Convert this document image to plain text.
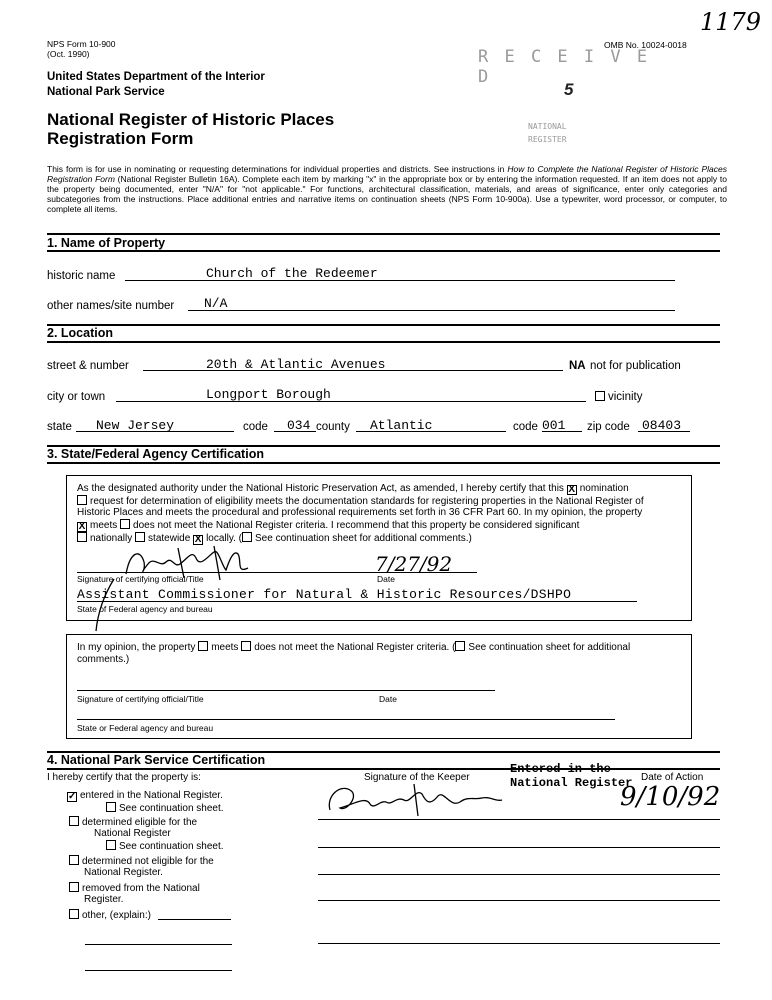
NPS Form 10-900
(Oct. 1990)
OMB No. 10024-0018
1179
United States Department of the Interior
National Park Service
National Register of Historic Places
Registration Form
R E C E I V E D
5
NATIONAL
REGISTER
This form is for use in nominating or requesting determinations for individual properties and districts. See instructions in How to Complete the National Register of Historic Places Registration Form (National Register Bulletin 16A). Complete each item by marking "x" in the appropriate box or by entering the information requested. If an item does not apply to the property being documented, enter "N/A" for "not applicable." For functions, architectural classification, materials, and areas of significance, enter only categories and subcategories from the instructions. Place additional entries and narrative items on continuation sheets (NPS Form 10-900a). Use a typewriter, word processor, or computer, to complete all items.
1. Name of Property
historic name	Church of the Redeemer
other names/site number N/A
2. Location
street & number	20th & Atlantic Avenues	NA not for publication
city or town	Longport Borough	vicinity
state New Jersey	code 034 county Atlantic	code 001 zip code 08403
3. State/Federal Agency Certification
As the designated authority under the National Historic Preservation Act, as amended, I hereby certify that this X nomination
request for determination of eligibility meets the documentation standards for registering properties in the National Register of
Historic Places and meets the procedural and professional requirements set forth in 36 CFR Part 60. In my opinion, the property
X meets does not meet the National Register criteria. I recommend that this property be considered significant
nationally statewide X locally. ( See continuation sheet for additional comments.)
7/27/92
Signature of certifying official/Title	Date
Assistant Commissioner for Natural & Historic Resources/DSHPO
State of Federal agency and bureau
In my opinion, the property meets does not meet the National Register criteria. ( See continuation sheet for additional comments.)
Signature of certifying official/Title	Date
State or Federal agency and bureau
4. National Park Service Certification
I hereby certify that the property is:	Signature of the Keeper
Entered in the
National Register Date of Action
9/10/92
✓ entered in the National Register.
See continuation sheet.
determined eligible for the
National Register
See continuation sheet.
determined not eligible for the
National Register.
removed from the National
Register.
other, (explain:)
